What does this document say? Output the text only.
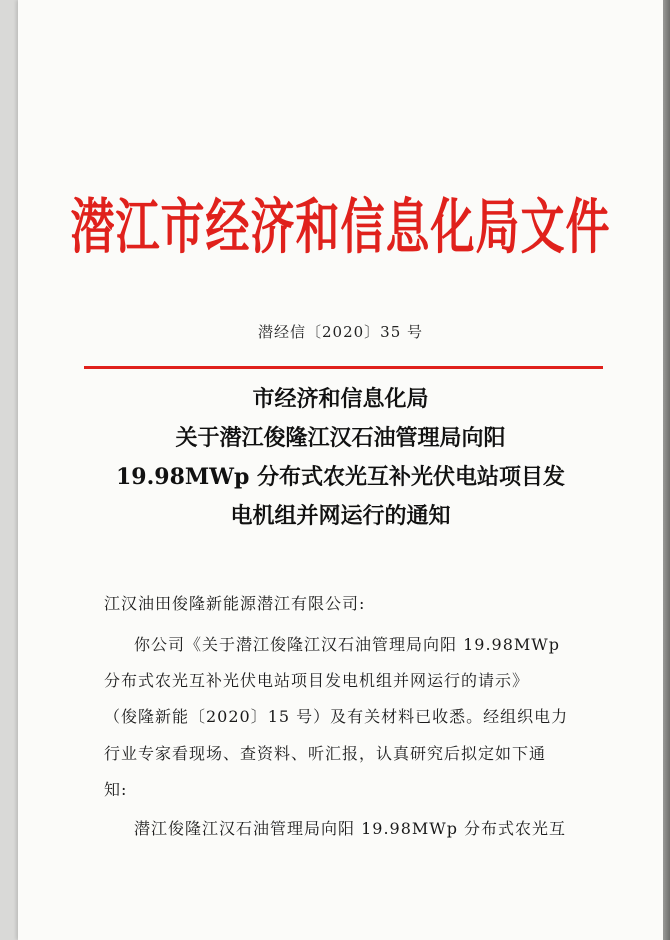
潜江市经济和信息化局文件
潜经信〔2020〕35 号
市经济和信息化局
关于潜江俊隆江汉石油管理局向阳
19.98MWp 分布式农光互补光伏电站项目发
电机组并网运行的通知
江汉油田俊隆新能源潜江有限公司:
你公司《关于潜江俊隆江汉石油管理局向阳 19.98MWp
分布式农光互补光伏电站项目发电机组并网运行的请示》
（俊隆新能〔2020〕15 号）及有关材料已收悉。经组织电力
行业专家看现场、查资料、听汇报，认真研究后拟定如下通
知:
潜江俊隆江汉石油管理局向阳 19.98MWp 分布式农光互
